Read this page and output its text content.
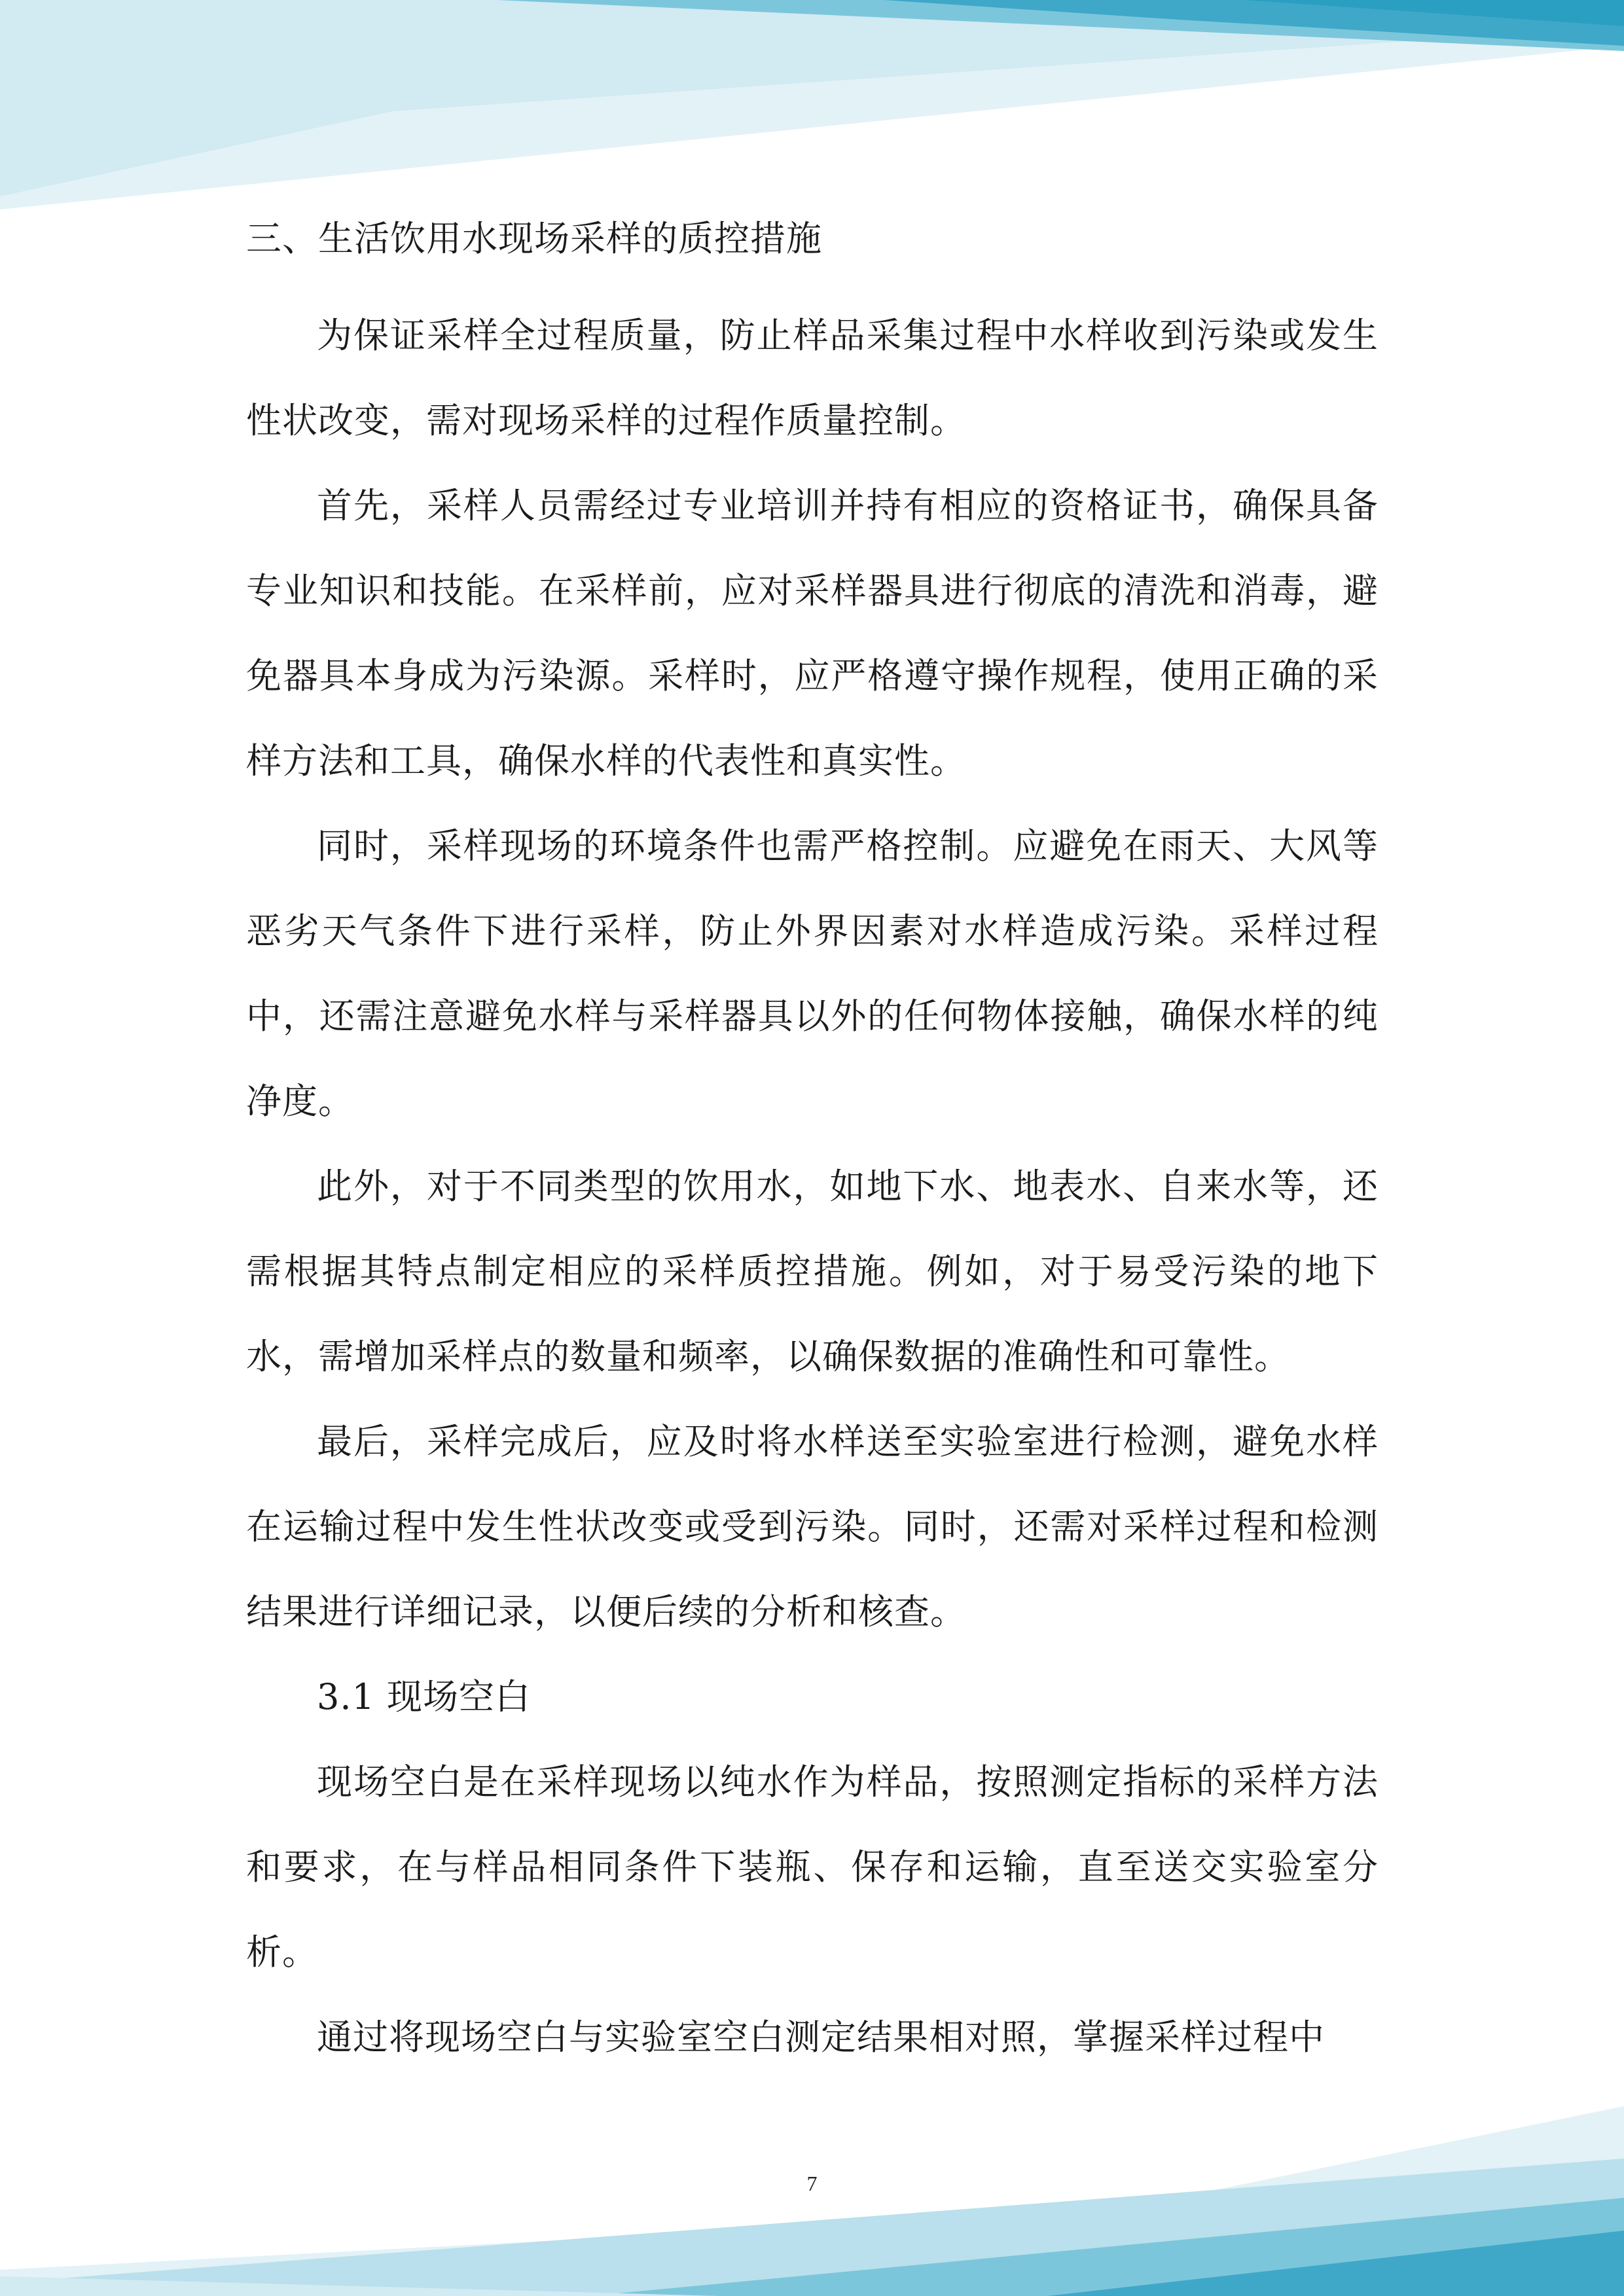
三、生活饮用水现场采样的质控措施

为保证采样全过程质量，防止样品采集过程中水样收到污染或发生性状改变，需对现场采样的过程作质量控制。

首先，采样人员需经过专业培训并持有相应的资格证书，确保具备专业知识和技能。在采样前，应对采样器具进行彻底的清洗和消毒，避免器具本身成为污染源。采样时，应严格遵守操作规程，使用正确的采样方法和工具，确保水样的代表性和真实性。

同时，采样现场的环境条件也需严格控制。应避免在雨天、大风等恶劣天气条件下进行采样，防止外界因素对水样造成污染。采样过程中，还需注意避免水样与采样器具以外的任何物体接触，确保水样的纯净度。

此外，对于不同类型的饮用水，如地下水、地表水、自来水等，还需根据其特点制定相应的采样质控措施。例如，对于易受污染的地下水，需增加采样点的数量和频率，以确保数据的准确性和可靠性。

最后，采样完成后，应及时将水样送至实验室进行检测，避免水样在运输过程中发生性状改变或受到污染。同时，还需对采样过程和检测结果进行详细记录，以便后续的分析和核查。

3.1 现场空白

现场空白是在采样现场以纯水作为样品，按照测定指标的采样方法和要求，在与样品相同条件下装瓶、保存和运输，直至送交实验室分析。

通过将现场空白与实验室空白测定结果相对照，掌握采样过程中

7
